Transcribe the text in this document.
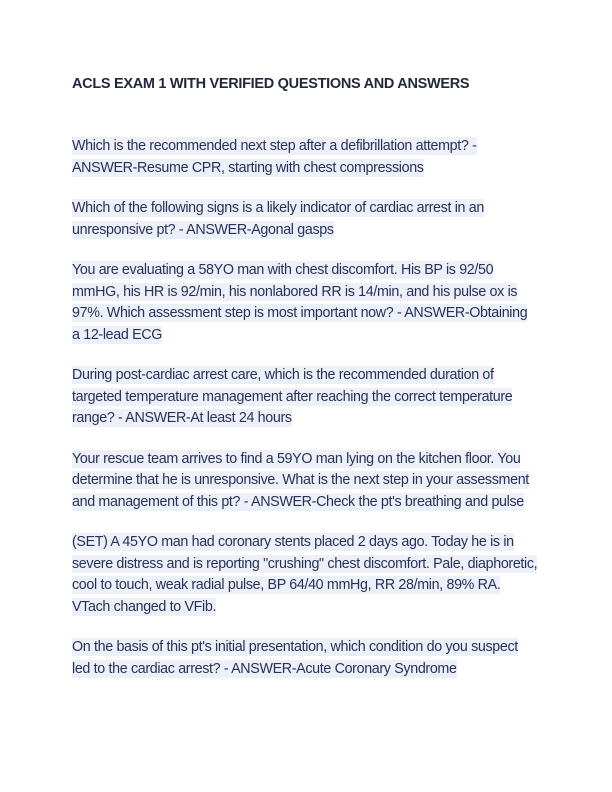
ACLS EXAM 1 WITH VERIFIED QUESTIONS AND ANSWERS

Which is the recommended next step after a defibrillation attempt? - ANSWER-Resume CPR, starting with chest compressions

Which of the following signs is a likely indicator of cardiac arrest in an unresponsive pt? - ANSWER-Agonal gasps

You are evaluating a 58YO man with chest discomfort. His BP is 92/50 mmHG, his HR is 92/min, his nonlabored RR is 14/min, and his pulse ox is 97%. Which assessment step is most important now? - ANSWER-Obtaining a 12-lead ECG

During post-cardiac arrest care, which is the recommended duration of targeted temperature management after reaching the correct temperature range? - ANSWER-At least 24 hours

Your rescue team arrives to find a 59YO man lying on the kitchen floor. You determine that he is unresponsive. What is the next step in your assessment and management of this pt? - ANSWER-Check the pt's breathing and pulse

(SET) A 45YO man had coronary stents placed 2 days ago. Today he is in severe distress and is reporting "crushing" chest discomfort. Pale, diaphoretic, cool to touch, weak radial pulse, BP 64/40 mmHg, RR 28/min, 89% RA. VTach changed to VFib.

On the basis of this pt's initial presentation, which condition do you suspect led to the cardiac arrest? - ANSWER-Acute Coronary Syndrome
